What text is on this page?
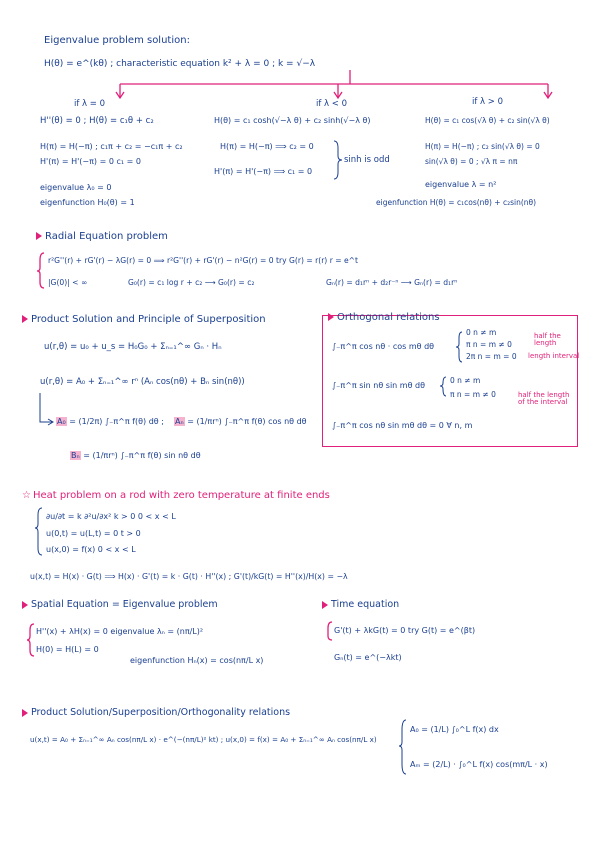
Eigenvalue problem solution:
H(θ) = e^(kθ) ; characteristic equation k² + λ = 0 ; k = √−λ
if λ = 0	if λ < 0	if λ > 0
H''(θ) = 0 ; H(θ) = c₁θ + c₂
H(π) = H(−π) ; c₁π + c₂ = −c₁π + c₂
H'(π) = H'(−π) = 0 c₁ = 0
eigenvalue λ₀ = 0
eigenfunction H₀(θ) = 1
H(θ) = c₁ cosh(√−λ θ) + c₂ sinh(√−λ θ)
H(π) = H(−π) ⟹ c₂ = 0
H'(π) = H'(−π) ⟹ c₁ = 0
sinh is odd
H(θ) = c₁ cos(√λ θ) + c₂ sin(√λ θ)
H(π) = H(−π) ; c₂ sin(√λ θ) = 0
sin(√λ θ) = 0 ; √λ π = nπ
eigenvalue λ = n²
eigenfunction H(θ) = c₁cos(nθ) + c₂sin(nθ)
Radial Equation problem
r²G''(r) + rG'(r) − λG(r) = 0 ⟹ r²G''(r) + rG'(r) − n²G(r) = 0 try G(r) = r(r) r = e^t
|G(0)| < ∞	G₀(r) = c₁ log r + c₂ ⟶ G₀(r) = c₂	Gₙ(r) = d₁rⁿ + d₂r⁻ⁿ ⟶ Gₙ(r) = d₁rⁿ
Product Solution and Principle of Superposition
u(r,θ) = u₀ + u_s = H₀G₀ + Σₙ₌₁^∞ Gₙ · Hₙ
u(r,θ) = A₀ + Σₙ₌₁^∞ rⁿ (Aₙ cos(nθ) + Bₙ sin(nθ))
A₀ = (1/2π) ∫₋π^π f(θ) dθ ; Aₙ = (1/πrⁿ) ∫₋π^π f(θ) cos nθ dθ
Bₙ = (1/πrⁿ) ∫₋π^π f(θ) sin nθ dθ
Orthogonal relations
∫₋π^π cos nθ · cos mθ dθ
0 n ≠ m
π n = m ≠ 0
2π n = m = 0
half the length
length interval
∫₋π^π sin nθ sin mθ dθ
0 n ≠ m
π n = m ≠ 0	half the length of the interval
∫₋π^π cos nθ sin mθ dθ = 0 ∀ n, m
☆ Heat problem on a rod with zero temperature at finite ends
∂u/∂t = k ∂²u/∂x² k > 0 0 < x < L
u(0,t) = u(L,t) = 0 t > 0
u(x,0) = f(x) 0 < x < L
u(x,t) = H(x) · G(t) ⟹ H(x) · G'(t) = k · G(t) · H''(x) ; G'(t)/kG(t) = H''(x)/H(x) = −λ
Spatial Equation = Eigenvalue problem
H''(x) + λH(x) = 0 eigenvalue λₙ = (nπ/L)²
H(0) = H(L) = 0
eigenfunction Hₙ(x) = cos(nπ/L x)
Time equation
G'(t) + λkG(t) = 0 try G(t) = e^(βt)
Gₙ(t) = e^(−λkt)
Product Solution/Superposition/Orthogonality relations
u(x,t) = A₀ + Σₙ₌₁^∞ Aₙ cos(nπ/L x) · e^(−(nπ/L)² kt) ; u(x,0) = f(x) = A₀ + Σₙ₌₁^∞ Aₙ cos(nπ/L x)
A₀ = (1/L) ∫₀^L f(x) dx
Aₘ = (2/L) · ∫₀^L f(x) cos(mπ/L · x)
